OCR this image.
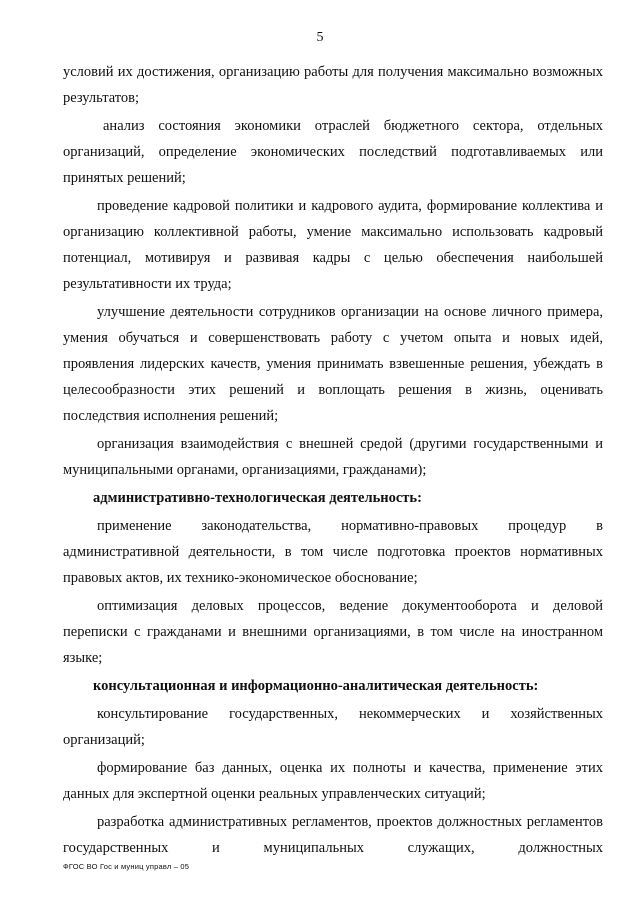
5

условий их достижения, организацию работы для получения максимально возможных результатов;

анализ состояния экономики отраслей бюджетного сектора, отдельных организаций, определение экономических последствий подготавливаемых или принятых решений;

проведение кадровой политики и кадрового аудита, формирование коллектива и организацию коллективной работы, умение максимально использовать кадровый потенциал, мотивируя и развивая кадры с целью обеспечения наибольшей результативности их труда;

улучшение деятельности сотрудников организации на основе личного примера, умения обучаться и совершенствовать работу с учетом опыта и новых идей, проявления лидерских качеств, умения принимать взвешенные решения, убеждать в целесообразности этих решений и воплощать решения в жизнь, оценивать последствия исполнения решений;

организация взаимодействия с внешней средой (другими государственными и муниципальными органами, организациями, гражданами);

административно-технологическая деятельность:

применение законодательства, нормативно-правовых процедур в административной деятельности, в том числе подготовка проектов нормативных правовых актов, их технико-экономическое обоснование;

оптимизация деловых процессов, ведение документооборота и деловой переписки с гражданами и внешними организациями, в том числе на иностранном языке;

консультационная и информационно-аналитическая деятельность:

консультирование государственных, некоммерческих и хозяйственных организаций;

формирование баз данных, оценка их полноты и качества, применение этих данных для экспертной оценки реальных управленческих ситуаций;

разработка административных регламентов, проектов должностных регламентов государственных и муниципальных служащих, должностных

ФГОС ВО Гос и муниц управл – 05
